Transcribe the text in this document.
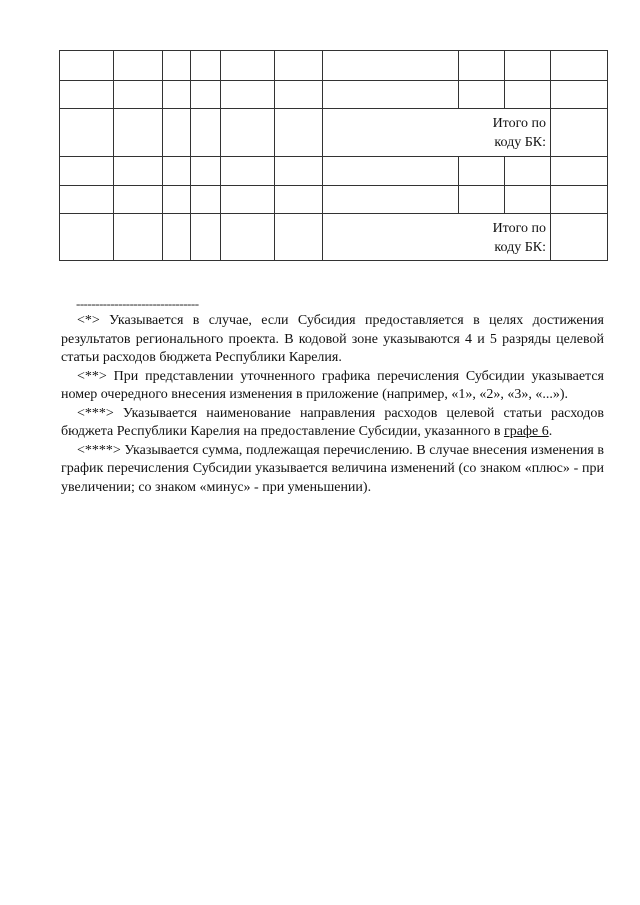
						Итого по
коду БК:			

						Итого по
коду БК:			
--------------------------------

<*> Указывается в случае, если Субсидия предоставляется в целях достижения результатов регионального проекта. В кодовой зоне указываются 4 и 5 разряды целевой статьи расходов бюджета Республики Карелия.

<**> При представлении уточненного графика перечисления Субсидии указывается номер очередного внесения изменения в приложение (например, «1», «2», «3», «...»).

<***> Указывается наименование направления расходов целевой статьи расходов бюджета Республики Карелия на предоставление Субсидии, указанного в графе 6.

<****> Указывается сумма, подлежащая перечислению. В случае внесения изменения в график перечисления Субсидии указывается величина изменений (со знаком «плюс» - при увеличении; со знаком «минус» - при уменьшении).
